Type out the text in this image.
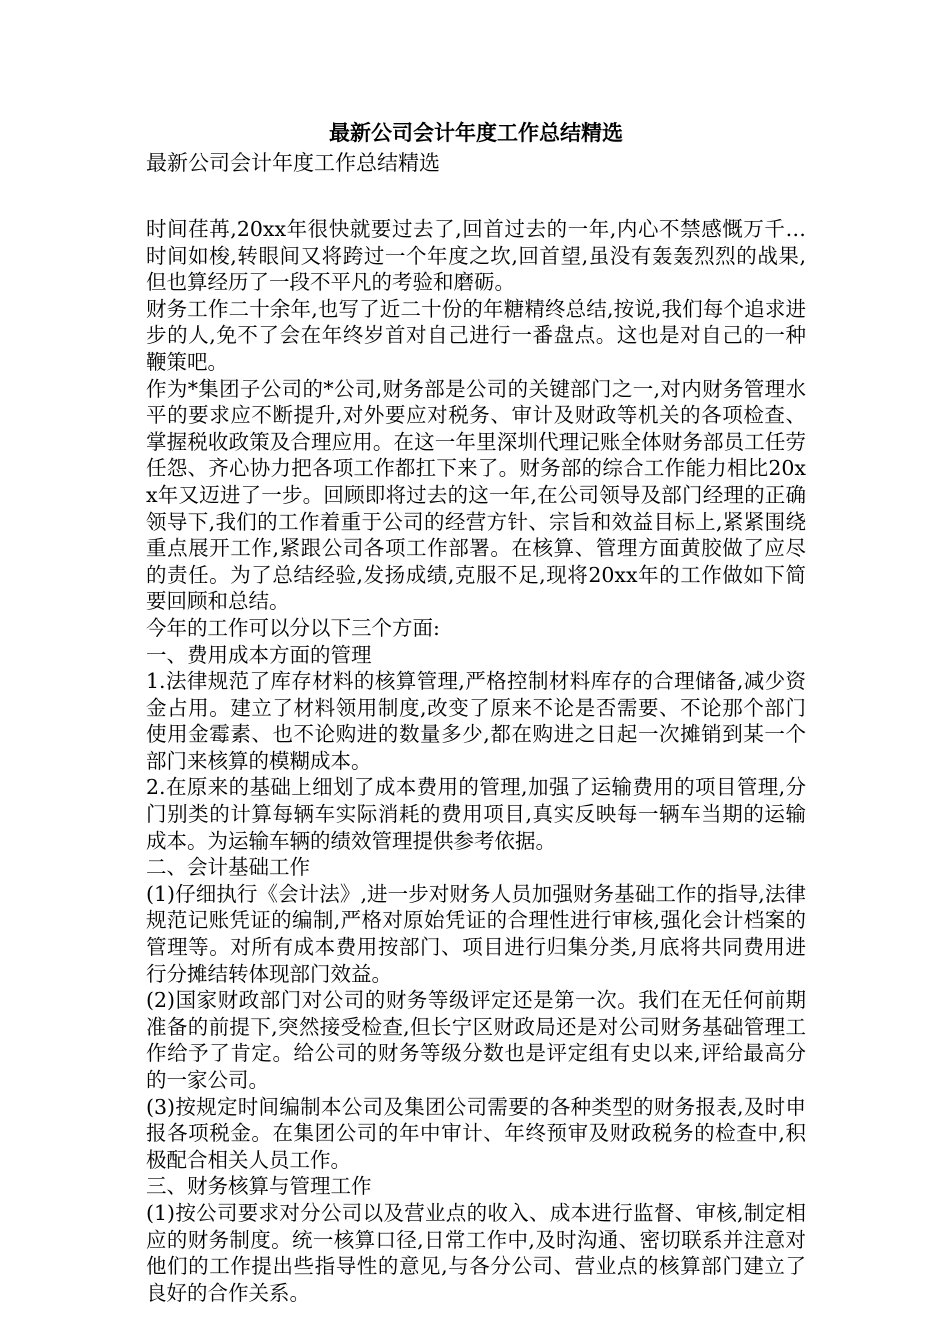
最新公司会计年度工作总结精选

最新公司会计年度工作总结精选

时间荏苒,20xx年很快就要过去了,回首过去的一年,内心不禁感慨万千…时间如梭,转眼间又将跨过一个年度之坎,回首望,虽没有轰轰烈烈的战果,但也算经历了一段不平凡的考验和磨砺。

财务工作二十余年,也写了近二十份的年糖精终总结,按说,我们每个追求进步的人,免不了会在年终岁首对自己进行一番盘点。这也是对自己的一种鞭策吧。

作为*集团子公司的*公司,财务部是公司的关键部门之一,对内财务管理水平的要求应不断提升,对外要应对税务、审计及财政等机关的各项检查、掌握税收政策及合理应用。在这一年里深圳代理记账全体财务部员工任劳任怨、齐心协力把各项工作都扛下来了。财务部的综合工作能力相比20xx年又迈进了一步。回顾即将过去的这一年,在公司领导及部门经理的正确领导下,我们的工作着重于公司的经营方针、宗旨和效益目标上,紧紧围绕重点展开工作,紧跟公司各项工作部署。在核算、管理方面黄胶做了应尽的责任。为了总结经验,发扬成绩,克服不足,现将20xx年的工作做如下简要回顾和总结。

今年的工作可以分以下三个方面:

一、费用成本方面的管理

1.法律规范了库存材料的核算管理,严格控制材料库存的合理储备,减少资金占用。建立了材料领用制度,改变了原来不论是否需要、不论那个部门使用金霉素、也不论购进的数量多少,都在购进之日起一次摊销到某一个部门来核算的模糊成本。

2.在原来的基础上细划了成本费用的管理,加强了运输费用的项目管理,分门别类的计算每辆车实际消耗的费用项目,真实反映每一辆车当期的运输成本。为运输车辆的绩效管理提供参考依据。

二、会计基础工作

(1)仔细执行《会计法》,进一步对财务人员加强财务基础工作的指导,法律规范记账凭证的编制,严格对原始凭证的合理性进行审核,强化会计档案的管理等。对所有成本费用按部门、项目进行归集分类,月底将共同费用进行分摊结转体现部门效益。

(2)国家财政部门对公司的财务等级评定还是第一次。我们在无任何前期准备的前提下,突然接受检查,但长宁区财政局还是对公司财务基础管理工作给予了肯定。给公司的财务等级分数也是评定组有史以来,评给最高分的一家公司。

(3)按规定时间编制本公司及集团公司需要的各种类型的财务报表,及时申报各项税金。在集团公司的年中审计、年终预审及财政税务的检查中,积极配合相关人员工作。

三、财务核算与管理工作

(1)按公司要求对分公司以及营业点的收入、成本进行监督、审核,制定相应的财务制度。统一核算口径,日常工作中,及时沟通、密切联系并注意对他们的工作提出些指导性的意见,与各分公司、营业点的核算部门建立了良好的合作关系。
